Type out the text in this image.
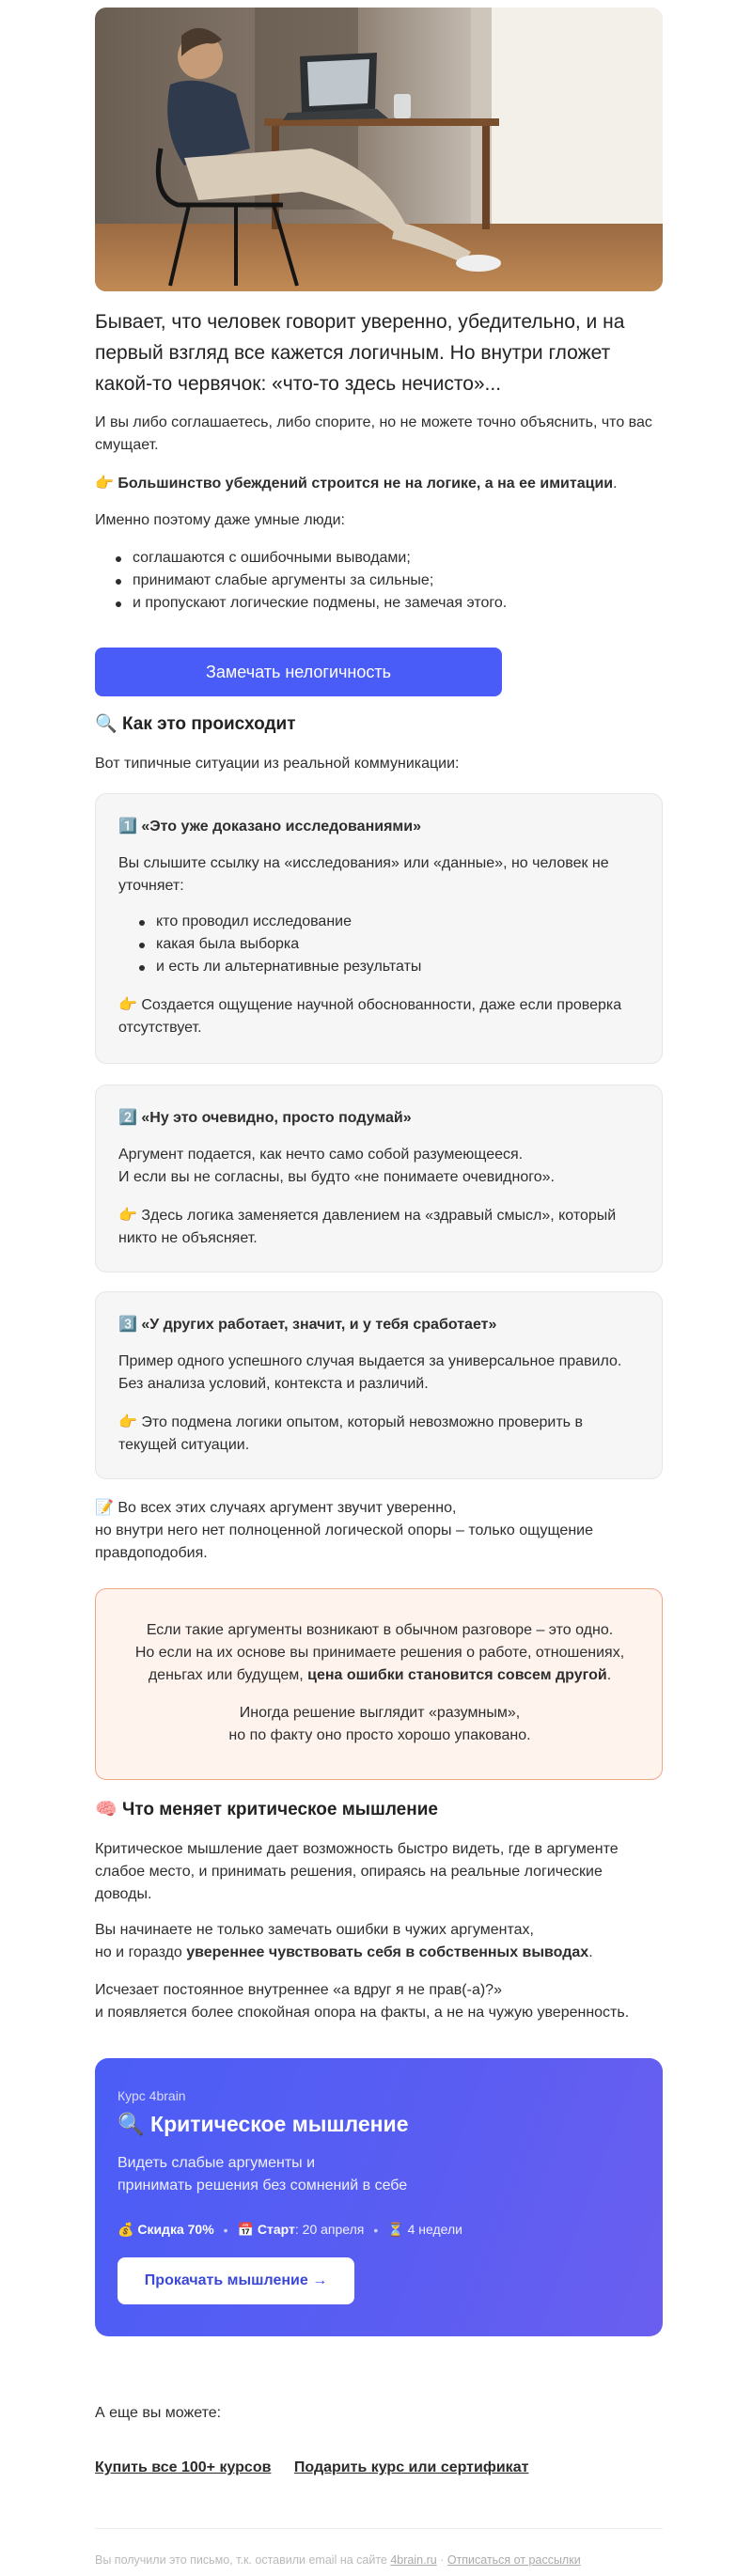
Бывает, что человек говорит уверенно, убедительно, и на первый взгляд все кажется логичным. Но внутри гложет какой-то червячок: «что-то здесь нечисто»...

И вы либо соглашаетесь, либо спорите, но не можете точно объяснить, что вас смущает.

👉 Большинство убеждений строится не на логике, а на ее имитации.

Именно поэтому даже умные люди:

соглашаются с ошибочными выводами;
принимают слабые аргументы за сильные;
и пропускают логические подмены, не замечая этого.
Замечать нелогичность
🔍 Как это происходит

Вот типичные ситуации из реальной коммуникации:

1️⃣ «Это уже доказано исследованиями»
Вы слышите ссылку на «исследования» или «данные», но человек не уточняет:
кто проводил исследование
какая была выборка
и есть ли альтернативные результаты
👉 Создается ощущение научной обоснованности, даже если проверка отсутствует.
2️⃣ «Ну это очевидно, просто подумай»
Аргумент подается, как нечто само собой разумеющееся.
И если вы не согласны, вы будто «не понимаете очевидного».
👉 Здесь логика заменяется давлением на «здравый смысл», который никто не объясняет.
3️⃣ «У других работает, значит, и у тебя сработает»
Пример одного успешного случая выдается за универсальное правило.
Без анализа условий, контекста и различий.
👉 Это подмена логики опытом, который невозможно проверить в текущей ситуации.

📝 Во всех этих случаях аргумент звучит уверенно,
но внутри него нет полноценной логической опоры – только ощущение правдоподобия.

Если такие аргументы возникают в обычном разговоре – это одно.

Но если на их основе вы принимаете решения о работе, отношениях,

деньгах или будущем, цена ошибки становится совсем другой.

Иногда решение выглядит «разумным»,

но по факту оно просто хорошо упаковано.

🧠 Что меняет критическое мышление

Критическое мышление дает возможность быстро видеть, где в аргументе слабое место, и принимать решения, опираясь на реальные логические доводы.

Вы начинаете не только замечать ошибки в чужих аргументах,
но и гораздо увереннее чувствовать себя в собственных выводах.

Исчезает постоянное внутреннее «а вдруг я не прав(-а)?»
и появляется более спокойная опора на факты, а не на чужую уверенность.

Курс 4brain
🔍 Критическое мышление
Видеть слабые аргументы и
принимать решения без сомнений в себе
💰 Скидка 70% • 📅 Старт: 20 апреля • ⏳ 4 недели
Прокачать мышление →

А еще вы можете:

Купить все 100+ курсов Подарить курс или сертификат
Вы получили это письмо, т.к. оставили email на сайте 4brain.ru · Отписаться от рассылки
